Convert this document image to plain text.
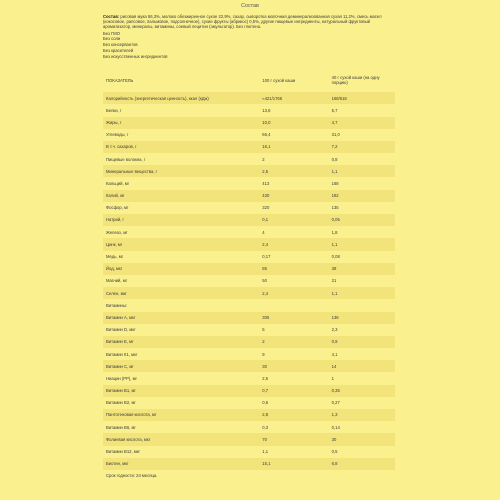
Состав
Состав: рисовая мука 56,3%, молоко обезжиренное сухое 22,9%, сахар, сыворотка молочная деминерализованная сухая 11,2%, смесь масел (кокосовое, рапсовое, пальмовое, подсолнечное), сухие фрукты (абрикос) 0,5%, другие пищевые ингредиенты, натуральный фруктовый ароматизатор, минералы, витамины, соевый лецитин (эмульгатор). Без глютена.
Без ГМО
Без соли
Без консервантов
Без красителей
Без искусственных ингредиентов
ПОКАЗАТЕЛЬ	100 г сухой каши	40 г сухой каши (на одну порцию)
Калорийность (энергетическая ценность), ккал (кДж)	≈421/1766	168/618
Белки, г	13,6	5,7
Жиры, г	10,0	4,7
Углеводы, г	66,4	31,0
В т.ч. сахаров, г	16,1	7,2
Пищевые волокна, г	2	0,8
Минеральные вещества, г	2,5	1,1
Кальций, мг	413	168
Калий, мг	430	182
Фосфор, мг	320	135
Натрий, г	0,1	0,05
Железо, мг	4	1,8
Цинк, мг	2,4	1,1
Медь, мг	0,17	0,08
Йод, мкг	85	38
Магний, мг	50	21
Селен, мкг	2,4	1,1
Витамины:		
Витамин А, мкг	305	136
Витамин D, мкг	5	2,3
Витамин Е, мг	2	0,9
Витамин К1, мкг	9	4,1
Витамин С, мг	30	14
Ниацин (РР), мг	2,5	1
Витамин В1, мг	0,7	0,35
Витамин В2, мг	0,6	0,27
Пантотеновая кислота, мг	2,8	1,3
Витамин В6, мг	0,3	0,14
Фолиевая кислота, мкг	70	30
Витамин В12, мкг	1,1	0,5
Биотин, мкг	15,1	6,8
Срок годности: 24 месяца.
